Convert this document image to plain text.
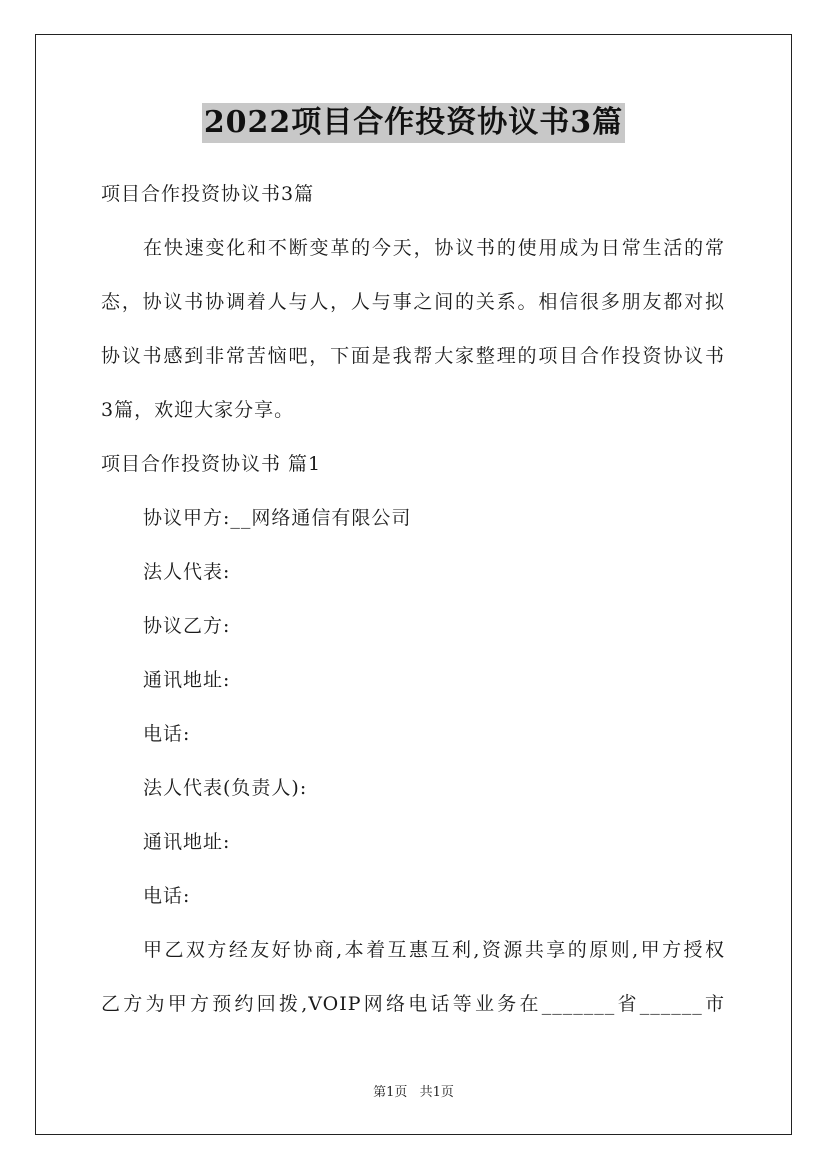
2022项目合作投资协议书3篇

项目合作投资协议书3篇

在快速变化和不断变革的今天，协议书的使用成为日常生活的常

态，协议书协调着人与人，人与事之间的关系。相信很多朋友都对拟

协议书感到非常苦恼吧，下面是我帮大家整理的项目合作投资协议书

3篇，欢迎大家分享。

项目合作投资协议书 篇1

协议甲方:__网络通信有限公司

法人代表:

协议乙方:

通讯地址:

电话:

法人代表(负责人):

通讯地址:

电话:

甲乙双方经友好协商,本着互惠互利,资源共享的原则,甲方授权

乙方为甲方预约回拨,VOIP网络电话等业务在_______省______市

第1页 共1页
